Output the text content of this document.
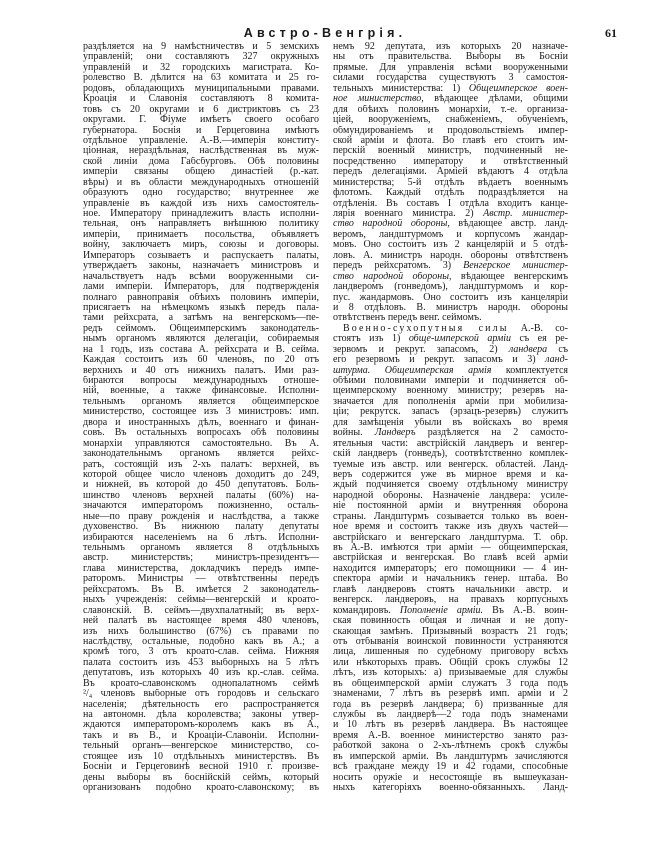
Австро-Венгрія.	61
раздѣляется на 9 намѣстничествъ и 5 земскихъ
управленій; они составляютъ 327 окружныхъ
управленій и 32 городскихъ магистрата. Ко-
ролевство В. дѣлится на 63 комитата и 25 го-
родовъ, обладающихъ муниципальными правами.
Кроація и Славонія составляютъ 8 комита-
товъ съ 20 округами и 6 дистриктовъ съ 23
округами. Г. Фіуме имѣетъ своего особаго
губернатора. Боснія и Герцеговина имѣютъ
отдѣльное управленіе. А.-В.—имперія конститу-
ціонная, нераздѣльная, наслѣдственная въ муж-
ской линіи дома Габсбурговъ. Обѣ половины
имперіи связаны общею династіей (р.-кат.
вѣры) и въ области международныхъ отношеній
образуютъ одно государство; внутреннее же
управленіе въ каждой изъ нихъ самостоятель-
ное. Императору принадлежитъ власть исполни-
тельная, онъ направляетъ внѣшнюю политику
имперіи, принимаетъ посольства, объявляетъ
войну, заключаетъ миръ, союзы и договоры.
Императоръ созываетъ и распускаетъ палаты,
утверждаетъ законы, назначаетъ министровъ и
начальствуетъ надъ всѣми вооруженными си-
лами имперіи. Императоръ, для подтвержденія
полнаго равноправія обѣихъ половинъ имперіи,
присягаетъ на нѣмецкомъ языкѣ передъ пала-
тами рейхсрата, а затѣмъ на венгерскомъ—пе-
редъ сеймомъ. Общеимперскимъ законодатель-
нымъ органомъ являются делегаціи, собираемыя
на 1 годъ, изъ состава А. рейхсрата и В. сейма.
Каждая состоитъ изъ 60 членовъ, по 20 отъ
верхнихъ и 40 отъ нижнихъ палатъ. Ими раз-
бираются вопросы международныхъ отноше-
ній, военные, а также финансовые. Исполни-
тельнымъ органомъ является общеимперское
министерство, состоящее изъ 3 министровъ: имп.
двора и иностранныхъ дѣлъ, военнаго и финан-
совъ. Въ остальныхъ вопросахъ обѣ половины
монархіи управляются самостоятельно. Въ А.
законодательнымъ органомъ является рейхс-
ратъ, состоящій изъ 2-хъ палатъ: верхней, въ
которой общее число членовъ доходитъ до 249,
и нижней, въ которой до 450 депутатовъ. Боль-
шинство членовъ верхней палаты (60%) на-
значаются императоромъ пожизненно, осталь-
ные—по праву рожденія и наслѣдства, а также
духовенство. Въ нижнюю палату депутаты
избираются населеніемъ на 6 лѣтъ. Исполни-
тельнымъ органомъ является 8 отдѣльныхъ
австр. министерствъ; министръ-президентъ—
глава министерства, докладчикъ передъ импе-
раторомъ. Министры — отвѣтственны передъ
рейхсратомъ. Въ В. имѣется 2 законодатель-
ныхъ учрежденія: сеймы—венгерскій и кроато-
славонскій. В. сеймъ—двухпалатный; въ верх-
ней палатѣ въ настоящее время 480 членовъ,
изъ нихъ большинство (67%) съ правами по
наслѣдству, остальные, подобно какъ въ А.; а
кромѣ того, 3 отъ кроато-слав. сейма. Нижняя
палата состоитъ изъ 453 выборныхъ на 5 лѣтъ
депутатовъ, изъ которыхъ 40 изъ кр.-слав. сейма.
Въ кроато-славонскомъ однопалатномъ сеймѣ
²/₄ членовъ выборные отъ городовъ и сельскаго
населенія; дѣятельность его распространяется
на автономн. дѣла королевства; законы утвер-
ждаются императоромъ-королемъ какъ въ А.,
такъ и въ В., и Кроаціи-Славоніи. Исполни-
тельный органъ—венгерское министерство, со-
стоящее изъ 10 отдѣльныхъ министерствъ. Въ
Босніи и Герцеговинѣ весной 1910 г. произве-
дены выборы въ боснійскій сеймъ, который
организованъ подобно кроато-славонскому; въ
немъ 92 депутата, изъ которыхъ 20 назначе-
ны отъ правительства. Выборы въ Босніи
прямые. Для управленія всѣми вооруженными
силами государства существуютъ 3 самостоя-
тельныхъ министерства: 1) Общеимперское воен-
ное министерство, вѣдающее дѣлами, общими
для обѣихъ половинъ монархіи, т.-е. организа-
ціей, вооруженіемъ, снабженіемъ, обученіемъ,
обмундированіемъ и продовольствіемъ импер-
ской арміи и флота. Во главѣ его стоитъ им-
перскій военный министръ, подчиненный не-
посредственно императору и отвѣтственный
передъ делегаціями. Арміей вѣдаютъ 4 отдѣла
министерства; 5-й отдѣлъ вѣдаетъ военнымъ
флотомъ. Каждый отдѣлъ подраздѣляется на
отдѣленія. Въ составъ I отдѣла входитъ канце-
лярія военнаго министра. 2) Австр. министер-
ство народной обороны, вѣдающее австр. ланд-
веромъ, ландштурмомъ и корпусомъ жандар-
мовъ. Оно состоитъ изъ 2 канцелярій и 5 отдѣ-
ловъ. А. министръ народн. обороны отвѣтственъ
передъ рейхсратомъ. 3) Венгерское министер-
ство народной обороны, вѣдающее венгерскимъ
ландверомъ (гонведомъ), ландштурмомъ и кор-
пус. жандармовъ. Оно состоитъ изъ канцеляріи
и 8 отдѣловъ. В. министръ народн. обороны
отвѣтственъ передъ венг. сеймомъ.
Военно-сухопутныя силы А.-В. со-
стоятъ изъ 1) обще-имперской арміи съ ея ре-
зервомъ и рекрут. запасомъ, 2) ландвера съ
его резервомъ и рекрут. запасомъ и 3) ланд-
штурма. Общеимперская армія комплектуется
обѣими половинами имперіи и подчиняется об-
щеимперскому военному министру; резервъ на-
значается для пополненія арміи при мобилиза-
ціи; рекрутск. запасъ (эрзацъ-резервъ) служитъ
для замѣщенія убыли въ войскахъ во время
войны. Ландверъ раздѣляется на 2 самосто-
ятельныя части: австрійскій ландверъ и венгер-
скій ландверъ (гонведъ), соотвѣтственно комплек-
туемые изъ австр. или венгерск. областей. Ланд-
веръ содержится уже въ мирное время и ка-
ждый подчиняется своему отдѣльному министру
народной обороны. Назначеніе ландвера: усиле-
ніе постоянной арміи и внутренняя оборона
страны. Ландштурмъ созывается только въ воен-
ное время и состоитъ также изъ двухъ частей—
австрійскаго и венгерскаго ландштурма. Т. обр.
въ А.-В. имѣются три арміи — общеимперская,
австрійская и венгерская. Во главѣ всей арміи
находится императоръ; его помощники — 4 ин-
спектора арміи и начальникъ генер. штаба. Во
главѣ ландверовъ стоятъ начальники австр. и
венгерск. ландверовъ, на правахъ корпусныхъ
командировъ. Пополненіе арміи. Въ А.-В. воин-
ская повинность общая и личная и не допу-
скающая замѣнъ. Призывный возрастъ 21 годъ;
отъ отбыванія воинской повинности устраняются
лица, лишенныя по судебному приговору всѣхъ
или нѣкоторыхъ правъ. Общій срокъ службы 12
лѣтъ, изъ которыхъ: а) призываемые для службы
въ общеимперской арміи служатъ 3 года подъ
знаменами, 7 лѣтъ въ резервѣ имп. арміи и 2
года въ резервѣ ландвера; б) призванные для
службы въ ландверѣ—2 года подъ знаменами
и 10 лѣтъ въ резервѣ ландвера. Въ настоящее
время А.-В. военное министерство занято раз-
работкой закона о 2-хъ-лѣтнемъ срокѣ службы
въ имперской арміи. Въ ландштурмъ зачисляются
всѣ граждане между 19 и 42 годами, способные
носить оружіе и несостоящіе въ вышеуказан-
ныхъ категоріяхъ военно-обязанныхъ. Ланд-
